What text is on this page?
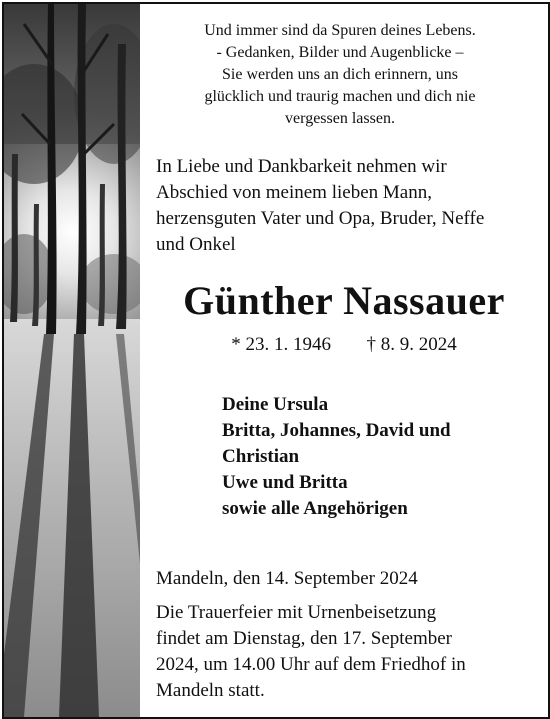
Und immer sind da Spuren deines Lebens.
- Gedanken, Bilder und Augenblicke –
Sie werden uns an dich erinnern, uns
glücklich und traurig machen und dich nie
vergessen lassen.
In Liebe und Dankbarkeit nehmen wir
Abschied von meinem lieben Mann,
herzensguten Vater und Opa, Bruder, Neffe
und Onkel
Günther Nassauer
* 23. 1. 1946 † 8. 9. 2024
Deine Ursula
Britta, Johannes, David und
Christian
Uwe und Britta
sowie alle Angehörigen
Mandeln, den 14. September 2024
Die Trauerfeier mit Urnenbeisetzung
findet am Dienstag, den 17. September
2024, um 14.00 Uhr auf dem Friedhof in
Mandeln statt.
